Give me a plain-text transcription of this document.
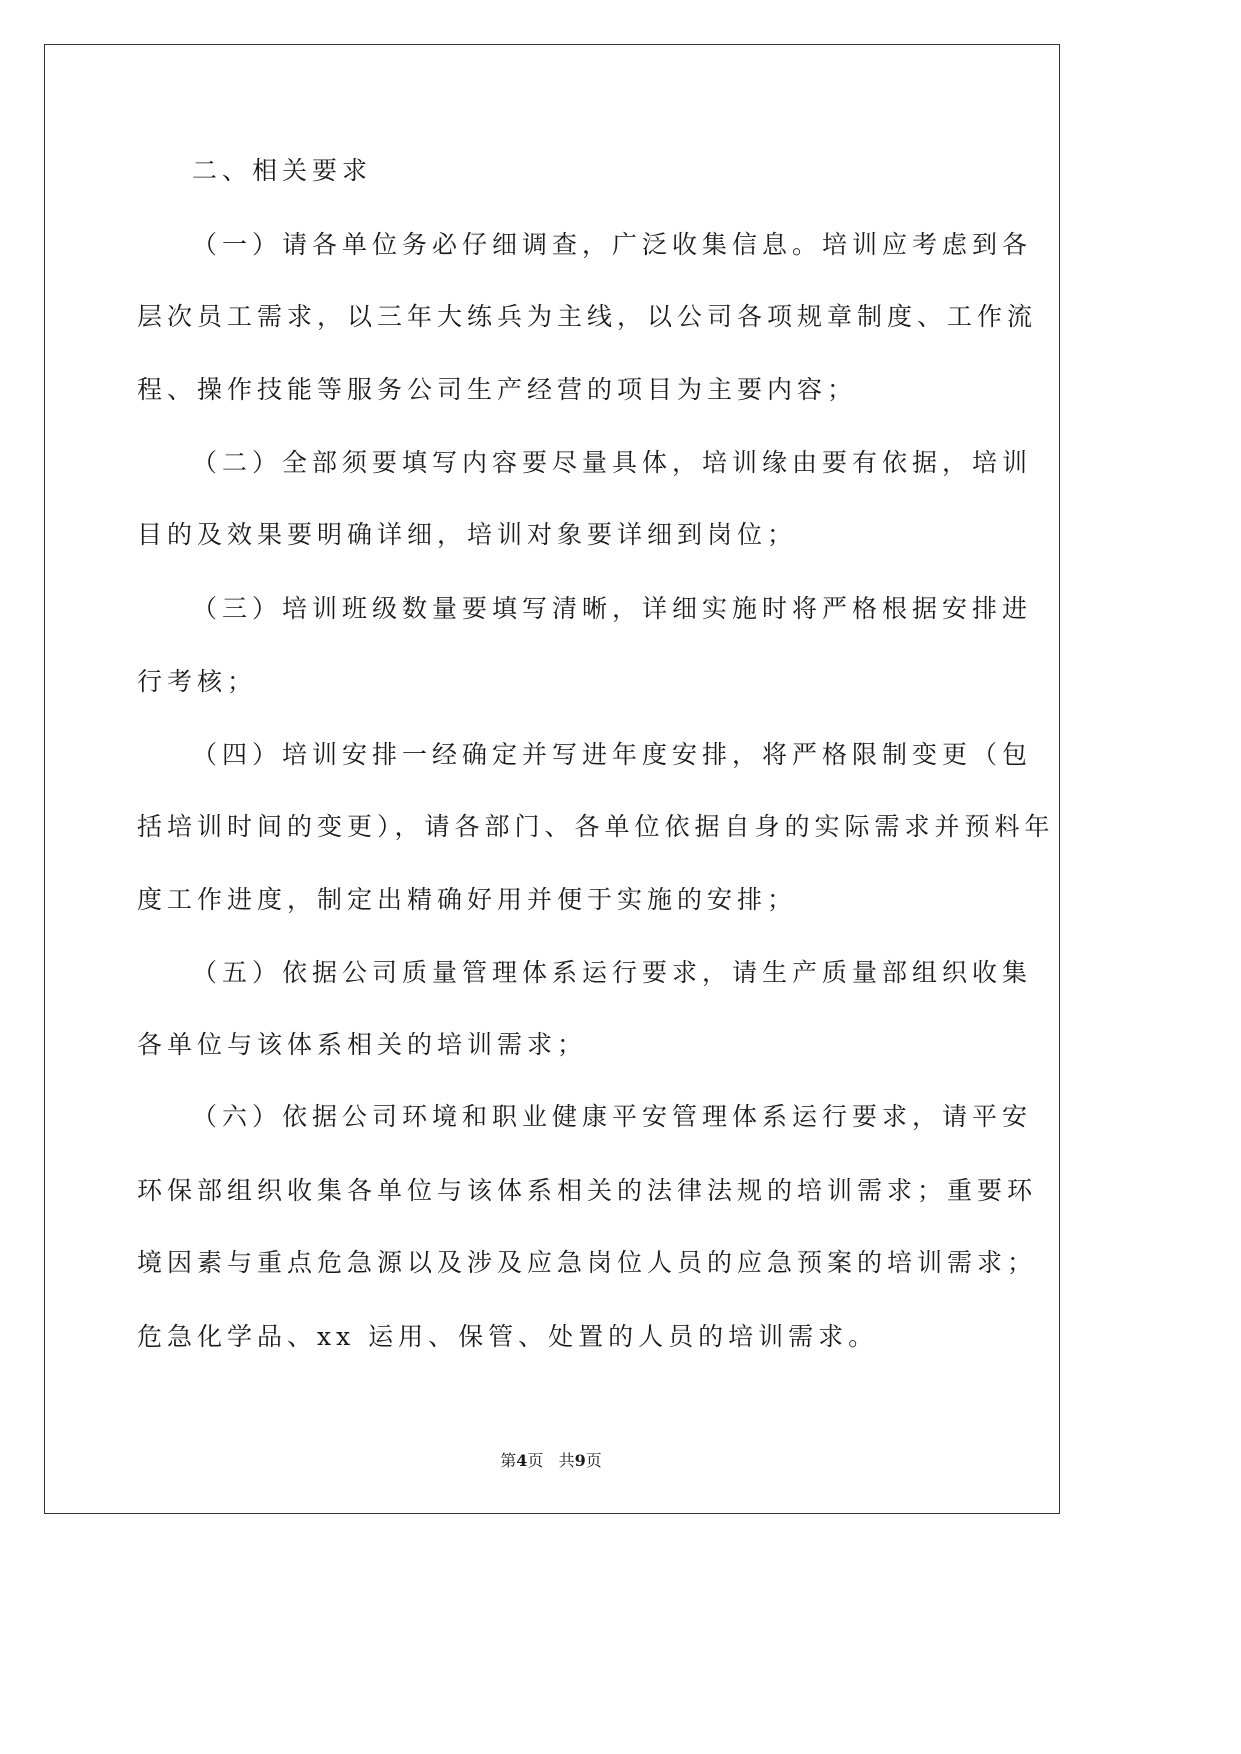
二、相关要求
（一）请各单位务必仔细调查，广泛收集信息。培训应考虑到各
层次员工需求，以三年大练兵为主线，以公司各项规章制度、工作流
程、操作技能等服务公司生产经营的项目为主要内容；
（二）全部须要填写内容要尽量具体，培训缘由要有依据，培训
目的及效果要明确详细，培训对象要详细到岗位；
（三）培训班级数量要填写清晰，详细实施时将严格根据安排进
行考核；
（四）培训安排一经确定并写进年度安排，将严格限制变更（包
括培训时间的变更），请各部门、各单位依据自身的实际需求并预料年
度工作进度，制定出精确好用并便于实施的安排；
（五）依据公司质量管理体系运行要求，请生产质量部组织收集
各单位与该体系相关的培训需求；
（六）依据公司环境和职业健康平安管理体系运行要求，请平安
环保部组织收集各单位与该体系相关的法律法规的培训需求；重要环
境因素与重点危急源以及涉及应急岗位人员的应急预案的培训需求；
危急化学品、xx 运用、保管、处置的人员的培训需求。
第4页 共9页
